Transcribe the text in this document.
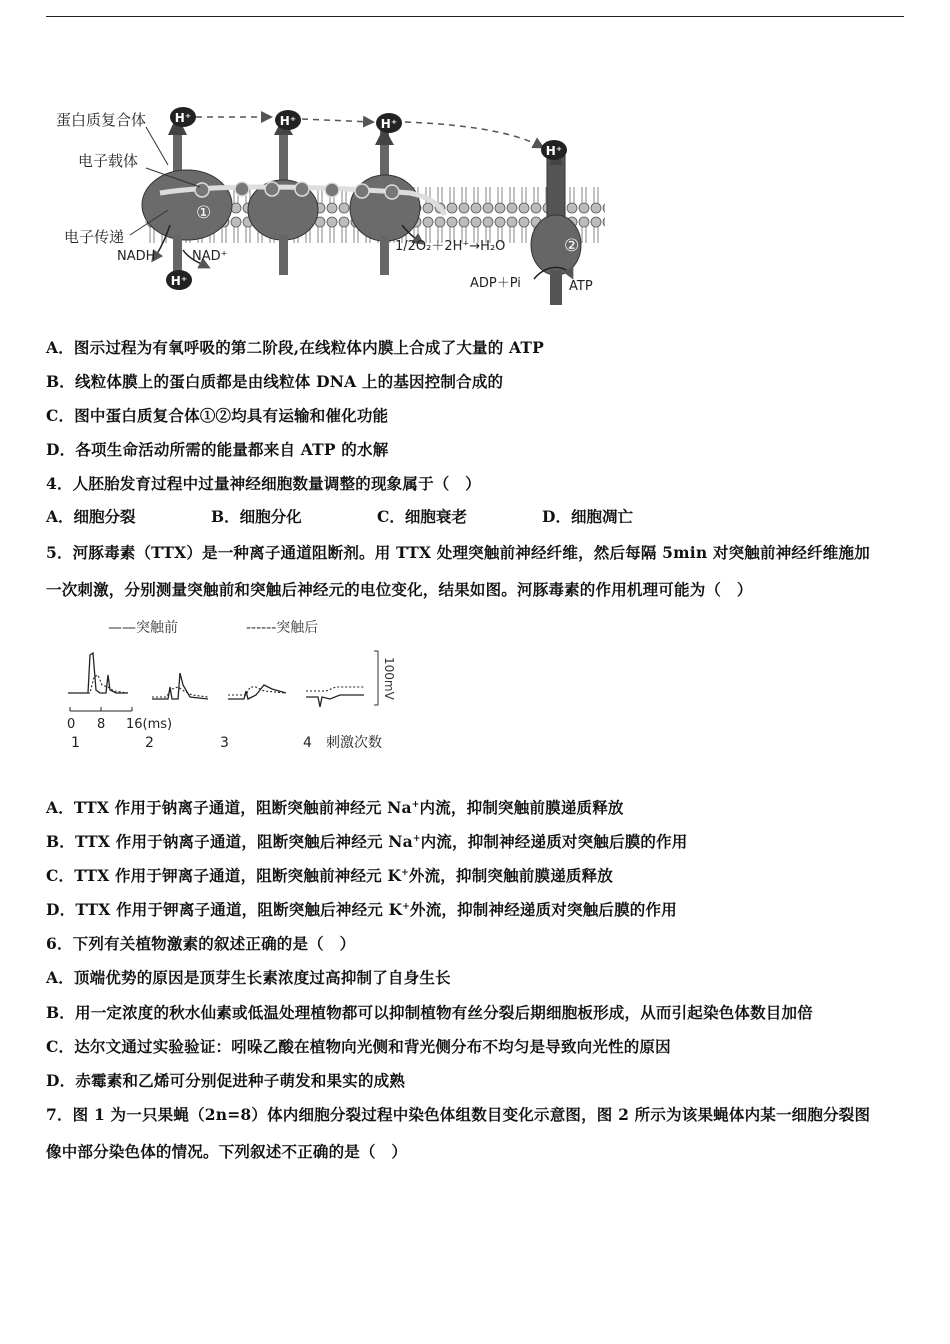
H⁺	H⁺	H⁺
H⁺
H⁺
蛋白质复合体
电子载体
电子传递
①
②
NADH	NAD⁺
1/2O₂＋2H⁺→H₂O
ADP＋Pi	ATP
A．图示过程为有氧呼吸的第二阶段,在线粒体内膜上合成了大量的 ATP
B．线粒体膜上的蛋白质都是由线粒体 DNA 上的基因控制合成的
C．图中蛋白质复合体①②均具有运输和催化功能
D．各项生命活动所需的能量都来自 ATP 的水解
4．人胚胎发育过程中过量神经细胞数量调整的现象属于（　）
A．细胞分裂	B．细胞分化	C．细胞衰老	D．细胞凋亡
5．河豚毒素（TTX）是一种离子通道阻断剂。用 TTX 处理突触前神经纤维，然后每隔 5min 对突触前神经纤维施加
一次刺激，分别测量突触前和突触后神经元的电位变化，结果如图。河豚毒素的作用机理可能为（　）
——突触前	------突触后
100mV
0 8 16(ms)
1	2	3	4 刺激次数
A．TTX 作用于钠离子通道，阻断突触前神经元 Na+内流，抑制突触前膜递质释放
B．TTX 作用于钠离子通道，阻断突触后神经元 Na+内流，抑制神经递质对突触后膜的作用
C．TTX 作用于钾离子通道，阻断突触前神经元 K+外流，抑制突触前膜递质释放
D．TTX 作用于钾离子通道，阻断突触后神经元 K+外流，抑制神经递质对突触后膜的作用
6．下列有关植物激素的叙述正确的是（　）
A．顶端优势的原因是顶芽生长素浓度过高抑制了自身生长
B．用一定浓度的秋水仙素或低温处理植物都可以抑制植物有丝分裂后期细胞板形成，从而引起染色体数目加倍
C．达尔文通过实验验证：吲哚乙酸在植物向光侧和背光侧分布不均匀是导致向光性的原因
D．赤霉素和乙烯可分别促进种子萌发和果实的成熟
7．图 1 为一只果蝇（2n=8）体内细胞分裂过程中染色体组数目变化示意图，图 2 所示为该果蝇体内某一细胞分裂图
像中部分染色体的情况。下列叙述不正确的是（　）
